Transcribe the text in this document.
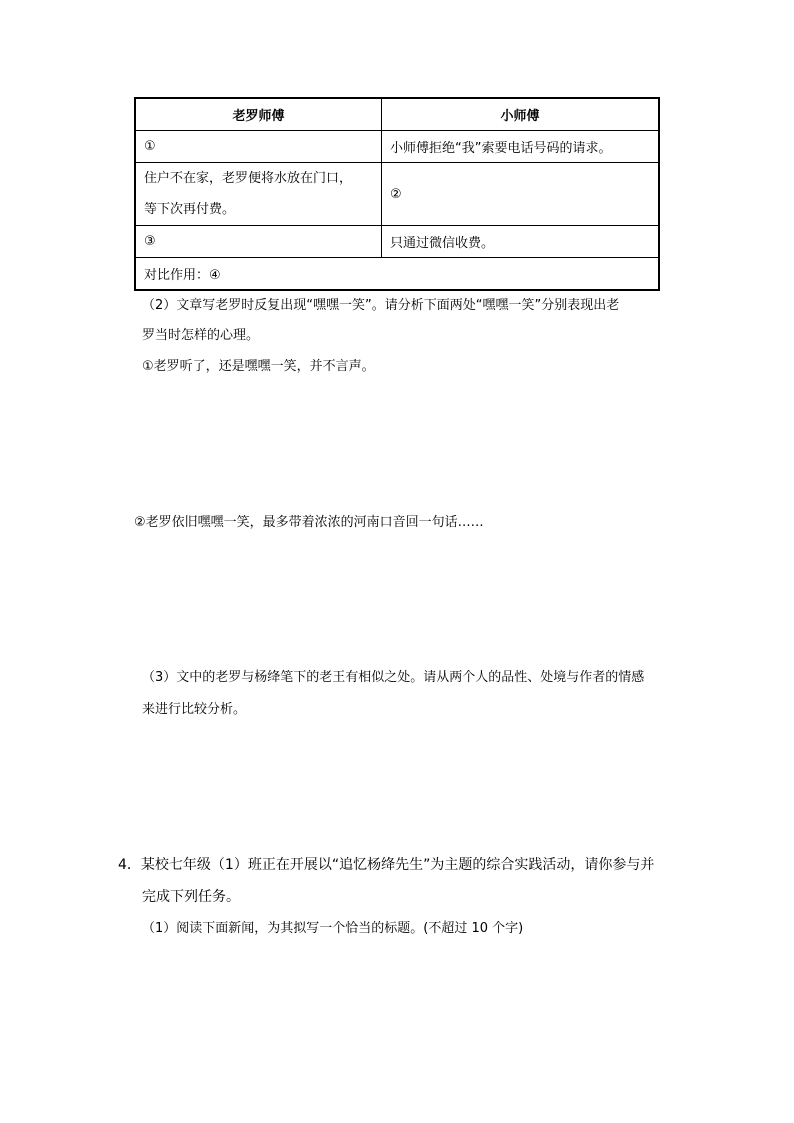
老罗师傅	小师傅
①	小师傅拒绝“我”索要电话号码的请求。

住户不在家，老罗便将水放在门口，
等下次再付费。	②
③	只通过微信收费。
对比作用：④	
（2）文章写老罗时反复出现“嘿嘿一笑”。请分析下面两处“嘿嘿一笑”分别表现出老
罗当时怎样的心理。
①老罗听了，还是嘿嘿一笑，并不言声。
②老罗依旧嘿嘿一笑，最多带着浓浓的河南口音回一句话……
（3）文中的老罗与杨绛笔下的老王有相似之处。请从两个人的品性、处境与作者的情感
来进行比较分析。
4．某校七年级（1）班正在开展以“追忆杨绛先生”为主题的综合实践活动，请你参与并
完成下列任务。
（1）阅读下面新闻，为其拟写一个恰当的标题。(不超过 10 个字)
